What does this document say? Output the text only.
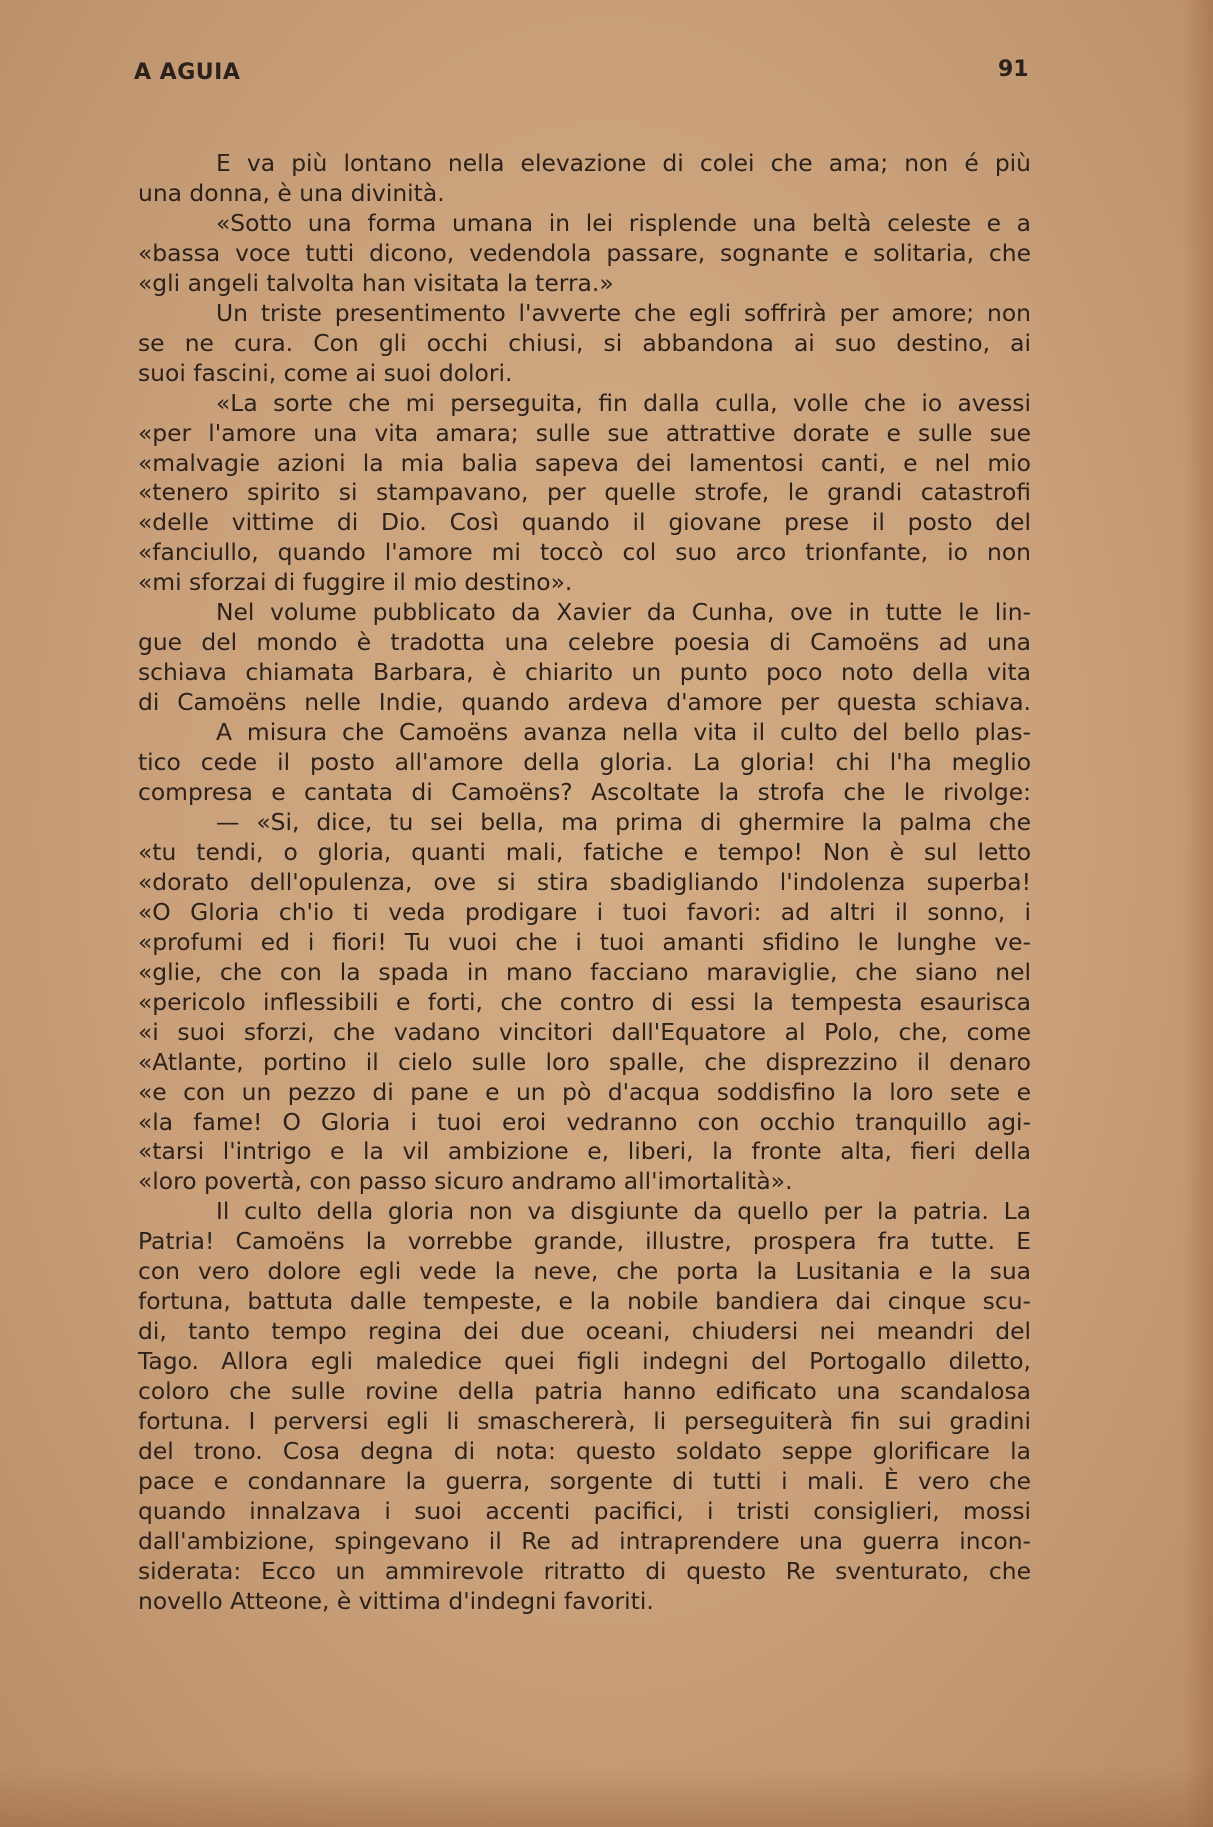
A AGUIA	91
E va più lontano nella elevazione di colei che ama; non é più
una donna, è una divinità.
«Sotto una forma umana in lei risplende una beltà celeste e a
«bassa voce tutti dicono, vedendola passare, sognante e solitaria, che
«gli angeli talvolta han visitata la terra.»
Un triste presentimento l'avverte che egli soffrirà per amore; non
se ne cura. Con gli occhi chiusi, si abbandona ai suo destino, ai
suoi fascini, come ai suoi dolori.
«La sorte che mi perseguita, fin dalla culla, volle che io avessi
«per l'amore una vita amara; sulle sue attrattive dorate e sulle sue
«malvagie azioni la mia balia sapeva dei lamentosi canti, e nel mio
«tenero spirito si stampavano, per quelle strofe, le grandi catastrofi
«delle vittime di Dio. Così quando il giovane prese il posto del
«fanciullo, quando l'amore mi toccò col suo arco trionfante, io non
«mi sforzai di fuggire il mio destino».
Nel volume pubblicato da Xavier da Cunha, ove in tutte le lin-
gue del mondo è tradotta una celebre poesia di Camoëns ad una
schiava chiamata Barbara, è chiarito un punto poco noto della vita
di Camoëns nelle Indie, quando ardeva d'amore per questa schiava.
A misura che Camoëns avanza nella vita il culto del bello plas-
tico cede il posto all'amore della gloria. La gloria! chi l'ha meglio
compresa e cantata di Camoëns? Ascoltate la strofa che le rivolge:
— «Si, dice, tu sei bella, ma prima di ghermire la palma che
«tu tendi, o gloria, quanti mali, fatiche e tempo! Non è sul letto
«dorato dell'opulenza, ove si stira sbadigliando l'indolenza superba!
«O Gloria ch'io ti veda prodigare i tuoi favori: ad altri il sonno, i
«profumi ed i fiori! Tu vuoi che i tuoi amanti sfidino le lunghe ve-
«glie, che con la spada in mano facciano maraviglie, che siano nel
«pericolo inflessibili e forti, che contro di essi la tempesta esaurisca
«i suoi sforzi, che vadano vincitori dall'Equatore al Polo, che, come
«Atlante, portino il cielo sulle loro spalle, che disprezzino il denaro
«e con un pezzo di pane e un pò d'acqua soddisfino la loro sete e
«la fame! O Gloria i tuoi eroi vedranno con occhio tranquillo agi-
«tarsi l'intrigo e la vil ambizione e, liberi, la fronte alta, fieri della
«loro povertà, con passo sicuro andramo all'imortalità».
Il culto della gloria non va disgiunte da quello per la patria. La
Patria! Camoëns la vorrebbe grande, illustre, prospera fra tutte. E
con vero dolore egli vede la neve, che porta la Lusitania e la sua
fortuna, battuta dalle tempeste, e la nobile bandiera dai cinque scu-
di, tanto tempo regina dei due oceani, chiudersi nei meandri del
Tago. Allora egli maledice quei figli indegni del Portogallo diletto,
coloro che sulle rovine della patria hanno edificato una scandalosa
fortuna. I perversi egli li smaschererà, li perseguiterà fin sui gradini
del trono. Cosa degna di nota: questo soldato seppe glorificare la
pace e condannare la guerra, sorgente di tutti i mali. È vero che
quando innalzava i suoi accenti pacifici, i tristi consiglieri, mossi
dall'ambizione, spingevano il Re ad intraprendere una guerra incon-
siderata: Ecco un ammirevole ritratto di questo Re sventurato, che
novello Atteone, è vittima d'indegni favoriti.
